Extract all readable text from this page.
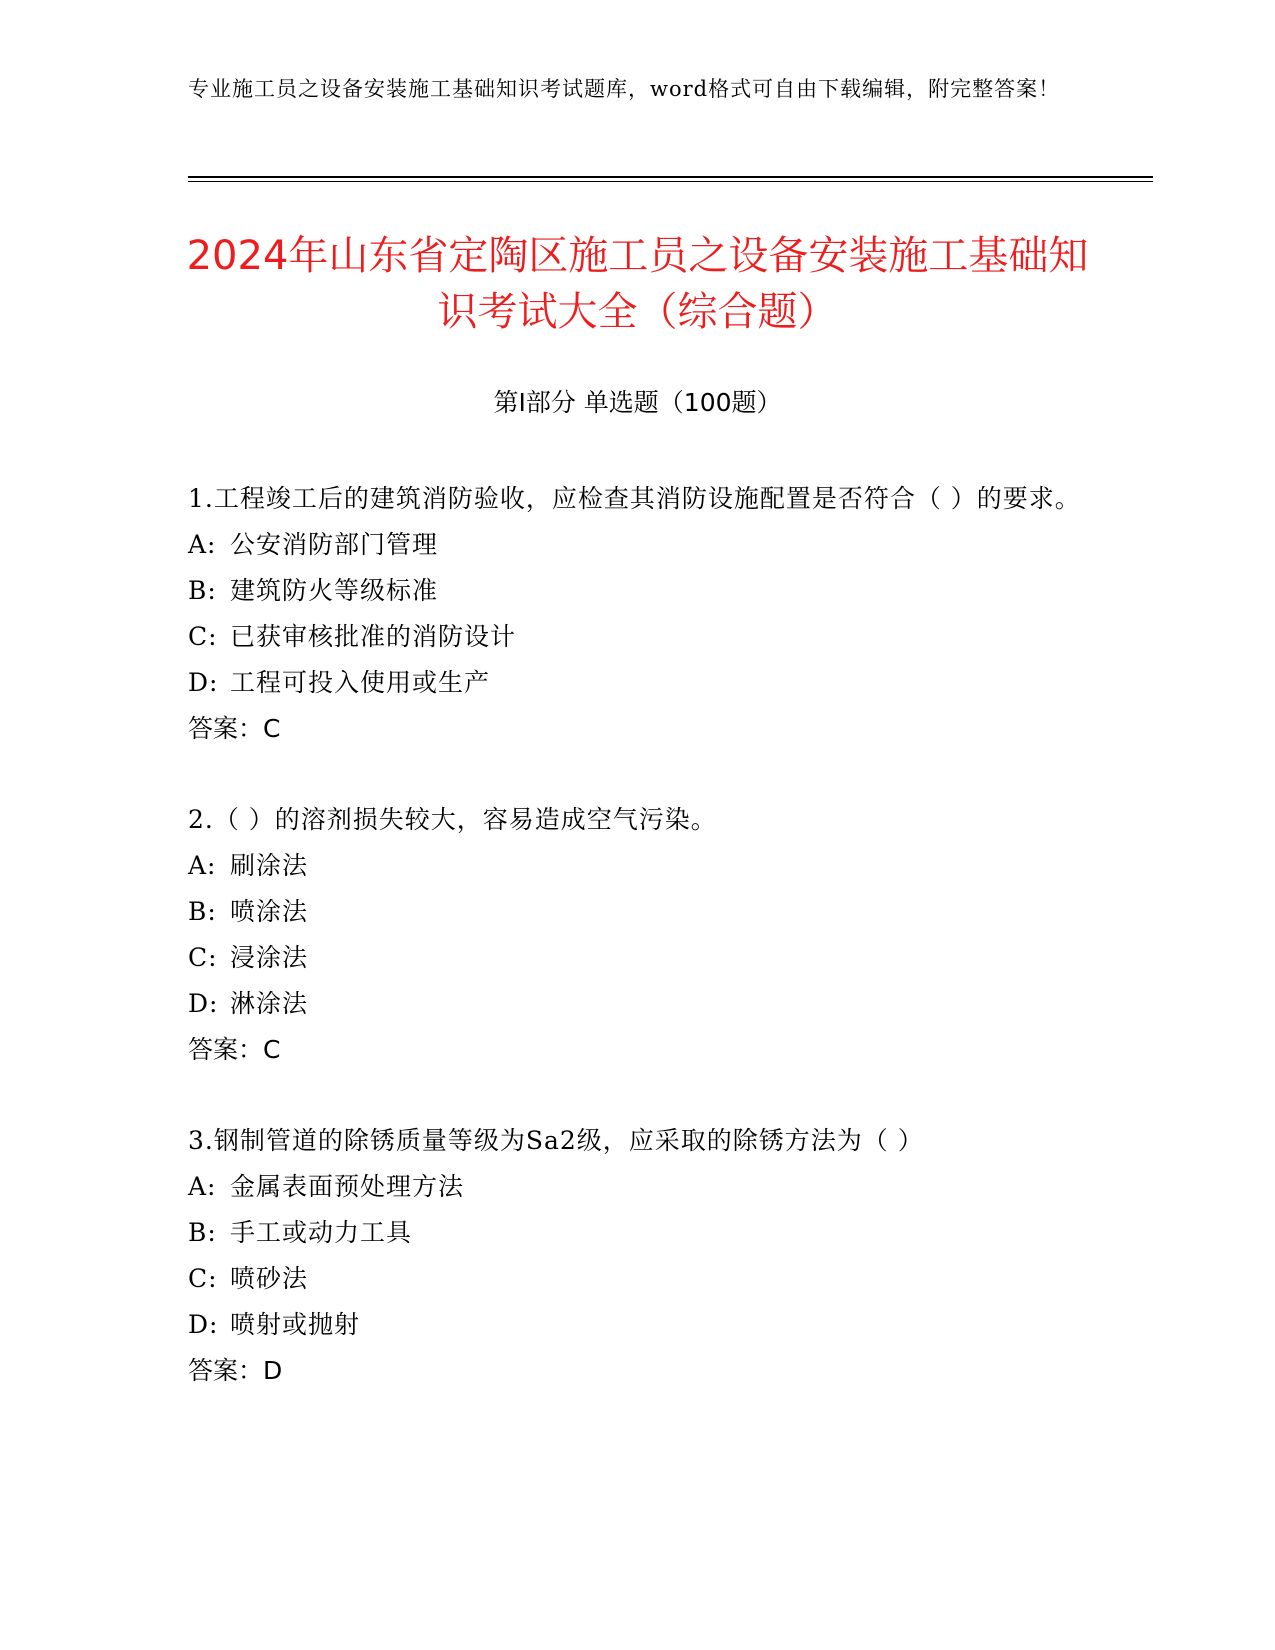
专业施工员之设备安装施工基础知识考试题库，word格式可自由下载编辑，附完整答案！
2024年山东省定陶区施工员之设备安装施工基础知识考试大全（综合题）
第Ⅰ部分 单选题（100题）
1.工程竣工后的建筑消防验收，应检查其消防设施配置是否符合（ ）的要求。
A: 公安消防部门管理
B: 建筑防火等级标准
C: 已获审核批准的消防设计
D: 工程可投入使用或生产
答案：C
2.（ ）的溶剂损失较大，容易造成空气污染。
A: 刷涂法
B: 喷涂法
C: 浸涂法
D: 淋涂法
答案：C
3.钢制管道的除锈质量等级为Sa2级，应采取的除锈方法为（ ）
A: 金属表面预处理方法
B: 手工或动力工具
C: 喷砂法
D: 喷射或抛射
答案：D
